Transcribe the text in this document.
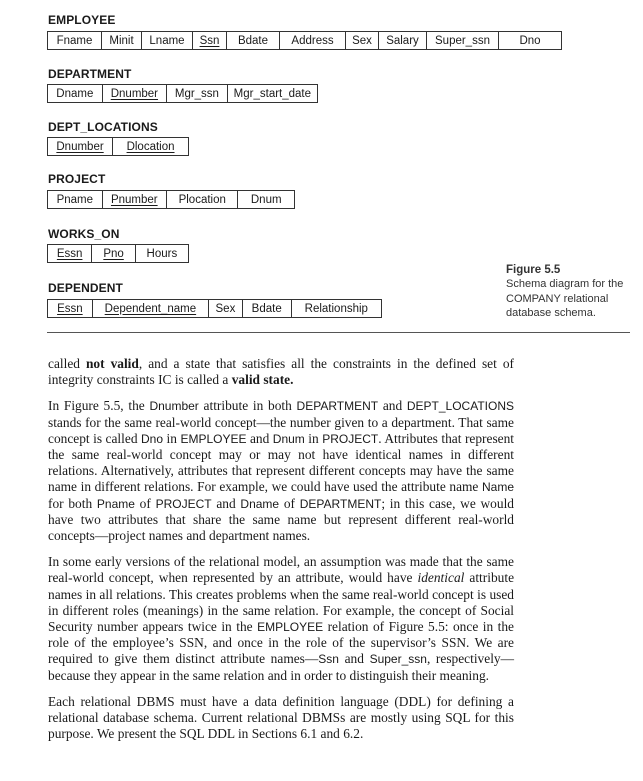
EMPLOYEE
Fname Minit Lname Ssn Bdate Address Sex Salary Super_ssn	Dno
DEPARTMENT
Dname Dnumber Mgr_ssn Mgr_start_date
DEPT_LOCATIONS
Dnumber Dlocation
PROJECT
Pname Pnumber Plocation Dnum
WORKS_ON
Essn Pno Hours
DEPENDENT
Essn Dependent_name Sex Bdate Relationship
Figure 5.5
Schema diagram for the COMPANY relational database schema.

called not valid, and a state that satisfies all the constraints in the defined set of integrity constraints IC is called a valid state.

In Figure 5.5, the Dnumber attribute in both DEPARTMENT and DEPT_LOCATIONS stands for the same real-world concept—the number given to a department. That same concept is called Dno in EMPLOYEE and Dnum in PROJECT. Attributes that represent the same real-world concept may or may not have identical names in different relations. Alternatively, attributes that represent different concepts may have the same name in different relations. For example, we could have used the attribute name Name for both Pname of PROJECT and Dname of DEPARTMENT; in this case, we would have two attributes that share the same name but represent different real-world concepts—project names and department names.

In some early versions of the relational model, an assumption was made that the same real-world concept, when represented by an attribute, would have identical attribute names in all relations. This creates problems when the same real-world concept is used in different roles (meanings) in the same relation. For example, the concept of Social Security number appears twice in the EMPLOYEE relation of Figure 5.5: once in the role of the employee’s SSN, and once in the role of the supervisor’s SSN. We are required to give them distinct attribute names—Ssn and Super_ssn, respectively—because they appear in the same relation and in order to distinguish their meaning.

Each relational DBMS must have a data definition language (DDL) for defining a relational database schema. Current relational DBMSs are mostly using SQL for this purpose. We present the SQL DDL in Sections 6.1 and 6.2.
